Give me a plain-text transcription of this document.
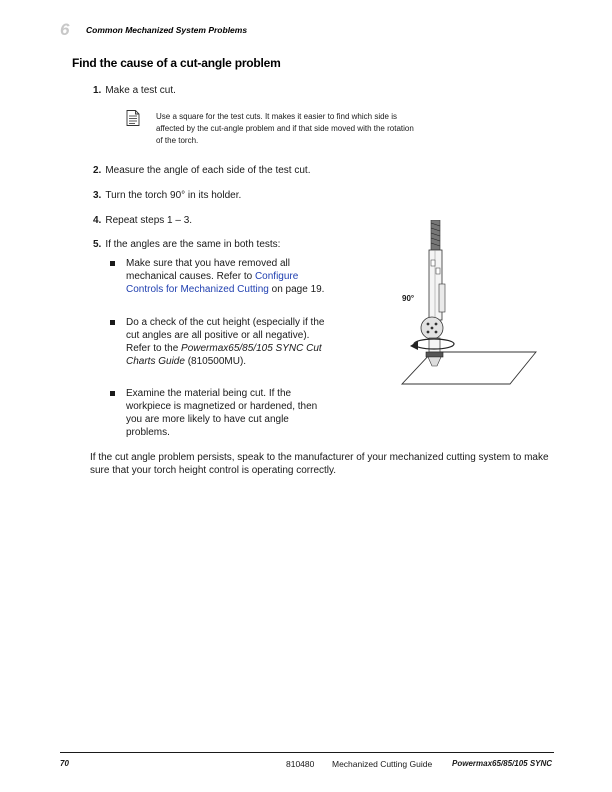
6	Common Mechanized System Problems
Find the cause of a cut-angle problem
1. Make a test cut.
Use a square for the test cuts. It makes it easier to find which side is
affected by the cut-angle problem and if that side moved with the rotation
of the torch.
2. Measure the angle of each side of the test cut.
3. Turn the torch 90° in its holder.
4. Repeat steps 1 – 3.
5. If the angles are the same in both tests:
Make sure that you have removed all mechanical causes. Refer to Configure Controls for Mechanized Cutting on page 19.
Do a check of the cut height (especially if the cut angles are all positive or all negative). Refer to the Powermax65/85/105 SYNC Cut Charts Guide (810500MU).
Examine the material being cut. If the workpiece is magnetized or hardened, then you are more likely to have cut angle problems.
90°
If the cut angle problem persists, speak to the manufacturer of your mechanized cutting system to make sure that your torch height control is operating correctly.
70	810480 Mechanized Cutting Guide Powermax65/85/105 SYNC
